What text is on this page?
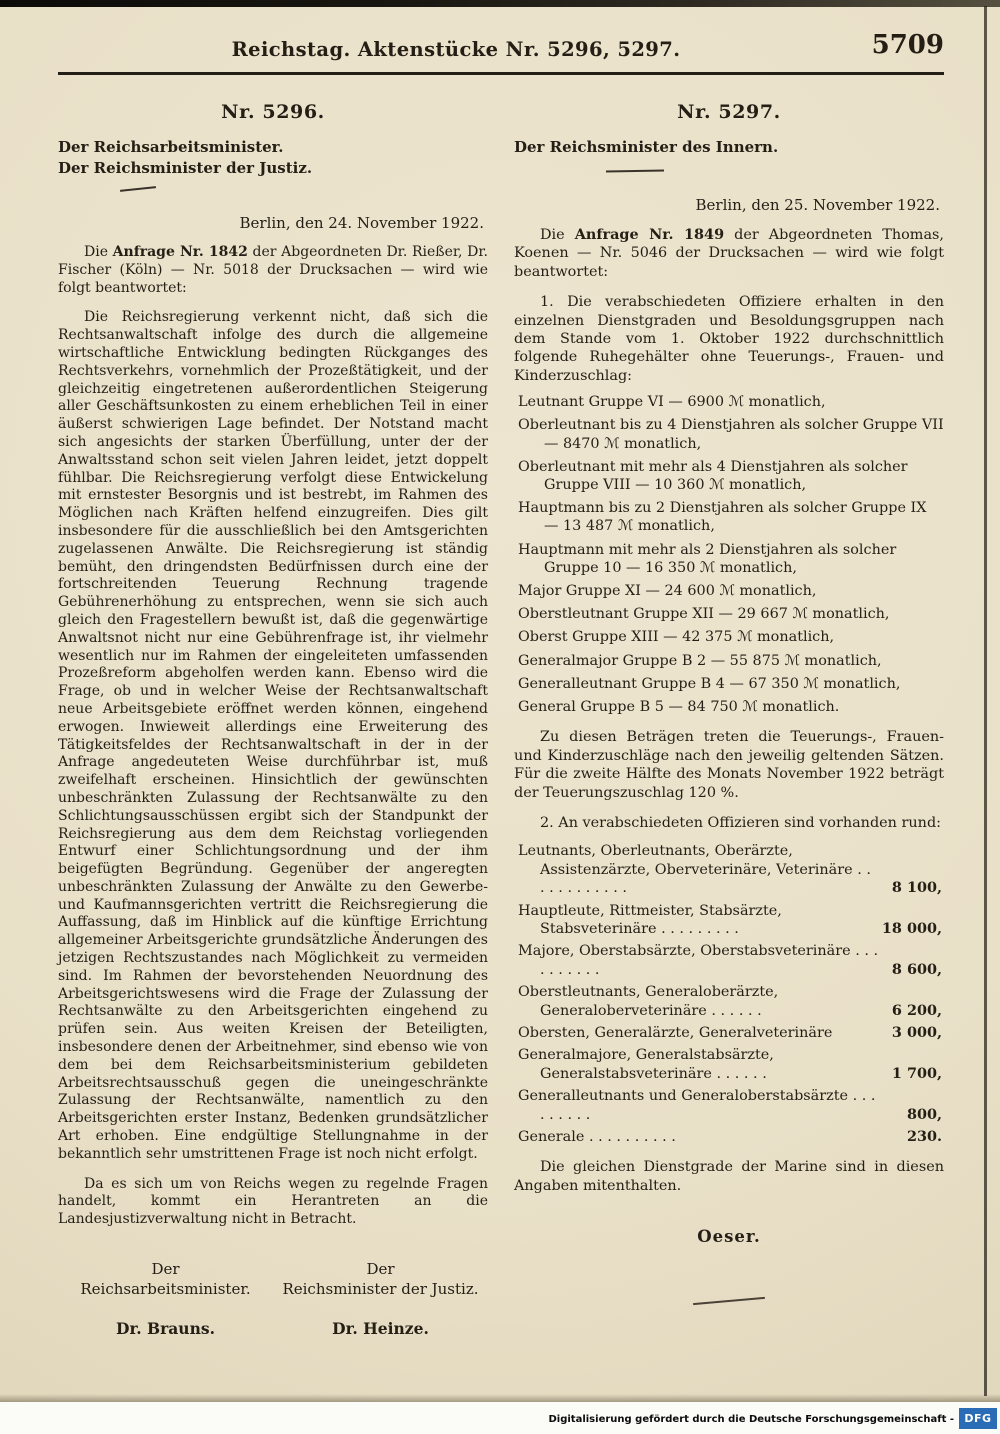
Reichstag. Aktenstücke Nr. 5296, 5297.	5709
Nr. 5296.
Der Reichsarbeitsminister.
Der Reichsminister der Justiz.
Berlin, den 24. November 1922.

Die Anfrage Nr. 1842 der Abgeordneten Dr. Rießer, Dr. Fischer (Köln) — Nr. 5018 der Drucksachen — wird wie folgt beantwortet:

Die Reichsregierung verkennt nicht, daß sich die Rechtsanwaltschaft infolge des durch die allgemeine wirtschaftliche Entwicklung bedingten Rückganges des Rechtsverkehrs, vornehmlich der Prozeßtätigkeit, und der gleichzeitig eingetretenen außerordentlichen Steigerung aller Geschäftsunkosten zu einem erheblichen Teil in einer äußerst schwierigen Lage befindet. Der Notstand macht sich angesichts der starken Überfüllung, unter der der Anwaltsstand schon seit vielen Jahren leidet, jetzt doppelt fühlbar. Die Reichsregierung verfolgt diese Entwickelung mit ernstester Besorgnis und ist bestrebt, im Rahmen des Möglichen nach Kräften helfend einzugreifen. Dies gilt insbesondere für die ausschließlich bei den Amtsgerichten zugelassenen Anwälte. Die Reichsregierung ist ständig bemüht, den dringendsten Bedürfnissen durch eine der fortschreitenden Teuerung Rechnung tragende Gebührenerhöhung zu entsprechen, wenn sie sich auch gleich den Fragestellern bewußt ist, daß die gegenwärtige Anwaltsnot nicht nur eine Gebührenfrage ist, ihr vielmehr wesentlich nur im Rahmen der eingeleiteten umfassenden Prozeßreform abgeholfen werden kann. Ebenso wird die Frage, ob und in welcher Weise der Rechtsanwaltschaft neue Arbeitsgebiete eröffnet werden können, eingehend erwogen. Inwieweit allerdings eine Erweiterung des Tätigkeitsfeldes der Rechtsanwaltschaft in der in der Anfrage angedeuteten Weise durchführbar ist, muß zweifelhaft erscheinen. Hinsichtlich der gewünschten unbeschränkten Zulassung der Rechtsanwälte zu den Schlichtungsausschüssen ergibt sich der Standpunkt der Reichsregierung aus dem dem Reichstag vorliegenden Entwurf einer Schlichtungsordnung und der ihm beigefügten Begründung. Gegenüber der angeregten unbeschränkten Zulassung der Anwälte zu den Gewerbe- und Kaufmannsgerichten vertritt die Reichsregierung die Auffassung, daß im Hinblick auf die künftige Errichtung allgemeiner Arbeitsgerichte grundsätzliche Änderungen des jetzigen Rechtszustandes nach Möglichkeit zu vermeiden sind. Im Rahmen der bevorstehenden Neuordnung des Arbeitsgerichtswesens wird die Frage der Zulassung der Rechtsanwälte zu den Arbeitsgerichten eingehend zu prüfen sein. Aus weiten Kreisen der Beteiligten, insbesondere denen der Arbeitnehmer, sind ebenso wie von dem bei dem Reichsarbeitsministerium gebildeten Arbeitsrechtsausschuß gegen die uneingeschränkte Zulassung der Rechtsanwälte, namentlich zu den Arbeitsgerichten erster Instanz, Bedenken grundsätzlicher Art erhoben. Eine endgültige Stellungnahme in der bekanntlich sehr umstrittenen Frage ist noch nicht erfolgt.

Da es sich um von Reichs wegen zu regelnde Fragen handelt, kommt ein Herantreten an die Landesjustizverwaltung nicht in Betracht.

Der
Reichsarbeitsminister.
Der
Reichsminister der Justiz.
Dr. Brauns.	Dr. Heinze.
Nr. 5297.
Der Reichsminister des Innern.
Berlin, den 25. November 1922.

Die Anfrage Nr. 1849 der Abgeordneten Thomas, Koenen — Nr. 5046 der Drucksachen — wird wie folgt beantwortet:

1. Die verabschiedeten Offiziere erhalten in den einzelnen Dienstgraden und Besoldungsgruppen nach dem Stande vom 1. Oktober 1922 durchschnittlich folgende Ruhegehälter ohne Teuerungs-, Frauen- und Kinderzuschlag:

Leutnant Gruppe VI — 6900 ℳ monatlich,
Oberleutnant bis zu 4 Dienstjahren als solcher Gruppe VII — 8470 ℳ monatlich,
Oberleutnant mit mehr als 4 Dienstjahren als solcher Gruppe VIII — 10 360 ℳ monatlich,
Hauptmann bis zu 2 Dienstjahren als solcher Gruppe IX — 13 487 ℳ monatlich,
Hauptmann mit mehr als 2 Dienstjahren als solcher Gruppe 10 — 16 350 ℳ monatlich,
Major Gruppe XI — 24 600 ℳ monatlich,
Oberstleutnant Gruppe XII — 29 667 ℳ monatlich,
Oberst Gruppe XIII — 42 375 ℳ monatlich,
Generalmajor Gruppe B 2 — 55 875 ℳ monatlich,
Generalleutnant Gruppe B 4 — 67 350 ℳ monatlich,
General Gruppe B 5 — 84 750 ℳ monatlich.

Zu diesen Beträgen treten die Teuerungs-, Frauen- und Kinderzuschläge nach den jeweilig geltenden Sätzen. Für die zweite Hälfte des Monats November 1922 beträgt der Teuerungszuschlag 120 %.

2. An verabschiedeten Offizieren sind vorhanden rund:

8 100,
Leutnants, Oberleutnants, Oberärzte, Assistenzärzte, Oberveterinäre, Veterinäre . . . . . . . . . . . .
18 000,
Hauptleute, Rittmeister, Stabsärzte, Stabsveterinäre . . . . . . . . .
8 600,
Majore, Oberstabsärzte, Oberstabsveterinäre . . . . . . . . . .
6 200,
Oberstleutnants, Generaloberärzte, Generaloberveterinäre . . . . . .
3 000,
Obersten, Generalärzte, Generalveterinäre
1 700,
Generalmajore, Generalstabsärzte, Generalstabsveterinäre . . . . . .
800,
Generalleutnants und Generaloberstabsärzte . . . . . . . . .
230.
Generale . . . . . . . . . .

Die gleichen Dienstgrade der Marine sind in diesen Angaben mitenthalten.

Oeser.
Digitalisierung gefördert durch die Deutsche Forschungsgemeinschaft - DFG
